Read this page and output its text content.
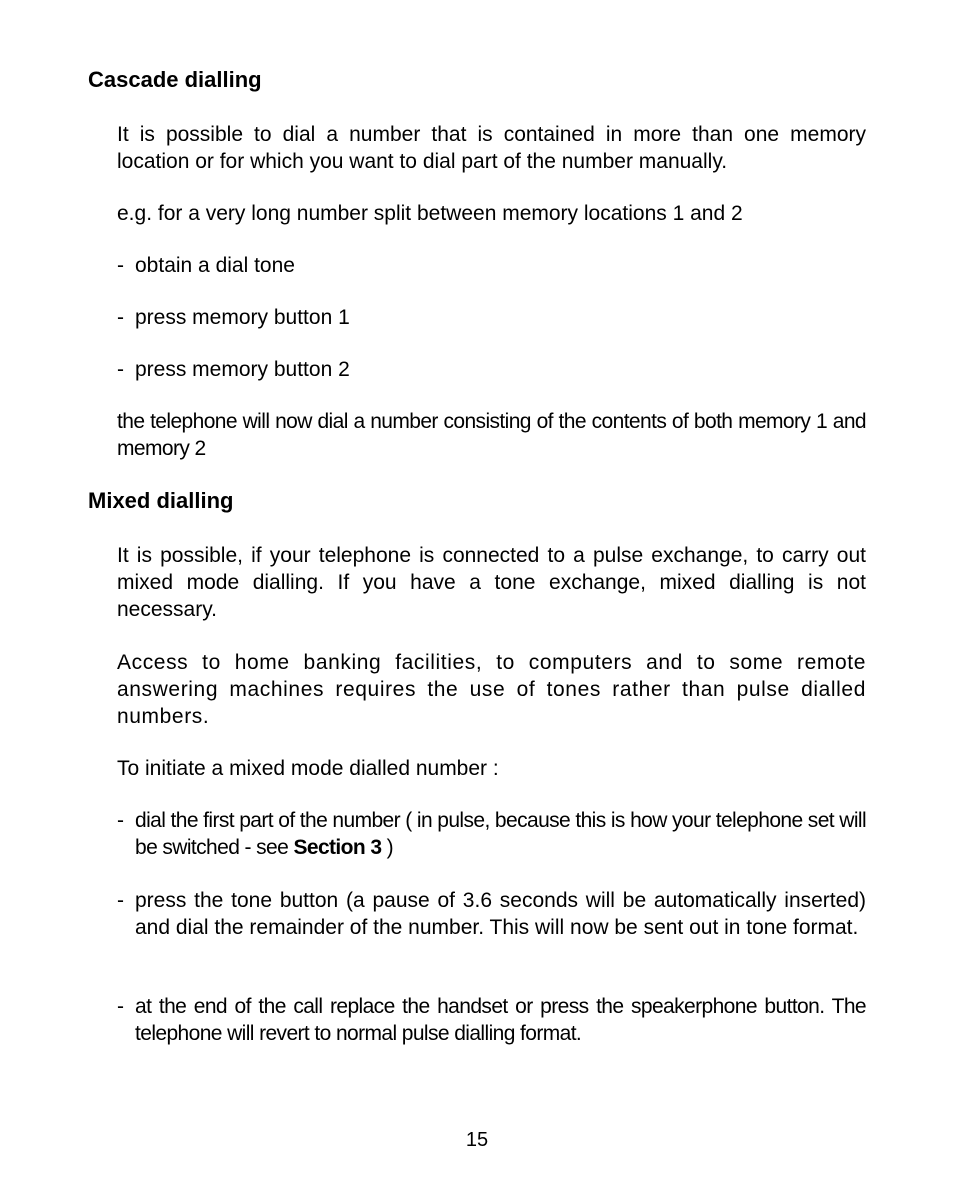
Cascade dialling

It is possible to dial a number that is contained in more than one memory location or for which you want to dial part of the number manually.

e.g. for a very long number split between memory locations 1 and 2

- obtain a dial tone
- press memory button 1
- press memory button 2

the telephone will now dial a number consisting of the contents of both memory 1 and memory 2

Mixed dialling

It is possible, if your telephone is connected to a pulse exchange, to carry out mixed mode dialling. If you have a tone exchange, mixed dialling is not necessary.

Access to home banking facilities, to computers and to some remote answering machines requires the use of tones rather than pulse dialled numbers.

To initiate a mixed mode dialled number :

- dial the first part of the number ( in pulse, because this is how your telephone set will be switched - see Section 3 )
- press the tone button (a pause of 3.6 seconds will be automatically inserted) and dial the remainder of the number. This will now be sent out in tone format.
- at the end of the call replace the handset or press the speakerphone button. The telephone will revert to normal pulse dialling format.
15
